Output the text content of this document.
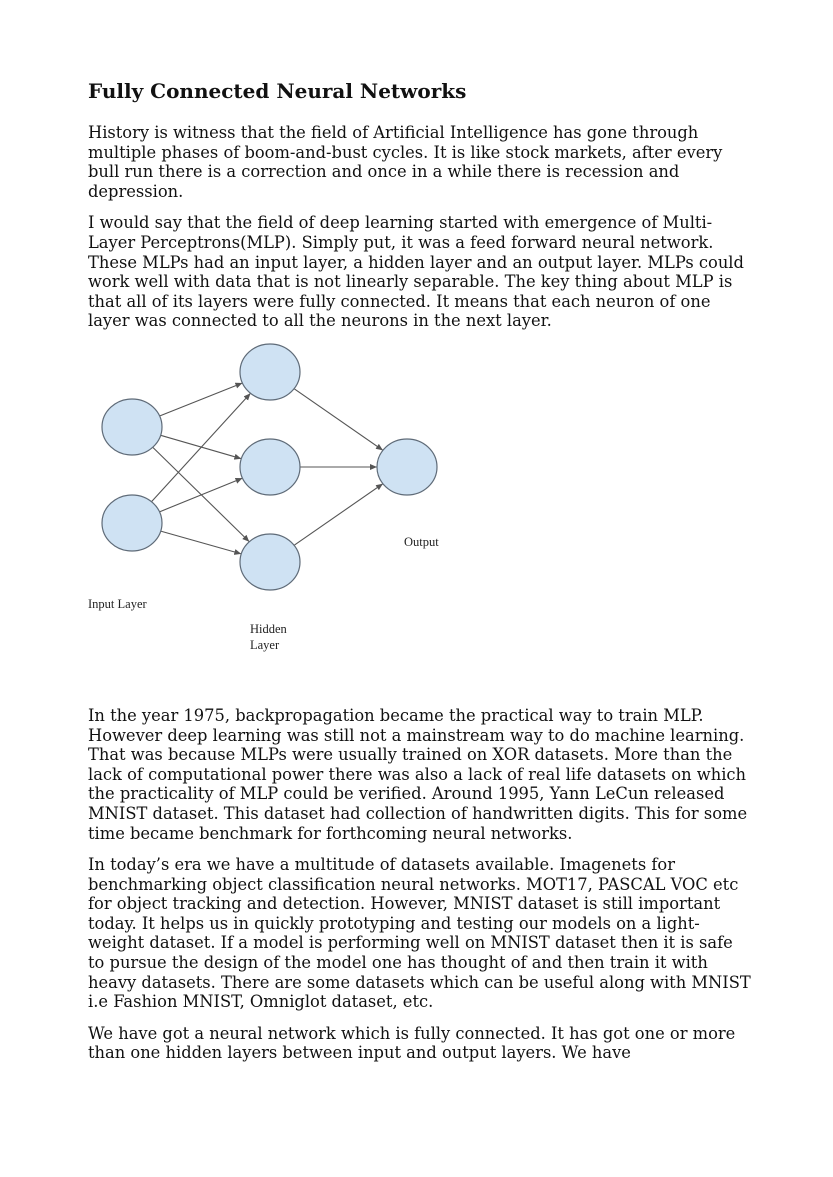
Fully Connected Neural Networks

History is witness that the field of Artificial Intelligence has gone through multiple phases of boom-and-bust cycles. It is like stock markets, after every bull run there is a correction and once in a while there is recession and depression.

I would say that the field of deep learning started with emergence of Multi-Layer Perceptrons(MLP). Simply put, it was a feed forward neural network. These MLPs had an input layer, a hidden layer and an output layer. MLPs could work well with data that is not linearly separable. The key thing about MLP is that all of its layers were fully connected. It means that each neuron of one layer was connected to all the neurons in the next layer.

Input Layer
Hidden
Layer
Output

In the year 1975, backpropagation became the practical way to train MLP. However deep learning was still not a mainstream way to do machine learning. That was because MLPs were usually trained on XOR datasets. More than the lack of computational power there was also a lack of real life datasets on which the practicality of MLP could be verified. Around 1995, Yann LeCun released MNIST dataset. This dataset had collection of handwritten digits. This for some time became benchmark for forthcoming neural networks.

In today’s era we have a multitude of datasets available. Imagenets for benchmarking object classification neural networks. MOT17, PASCAL VOC etc for object tracking and detection. However, MNIST dataset is still important today. It helps us in quickly prototyping and testing our models on a light-weight dataset. If a model is performing well on MNIST dataset then it is safe to pursue the design of the model one has thought of and then train it with heavy datasets. There are some datasets which can be useful along with MNIST i.e Fashion MNIST, Omniglot dataset, etc.

We have got a neural network which is fully connected. It has got one or more than one hidden layers between input and output layers. We have
